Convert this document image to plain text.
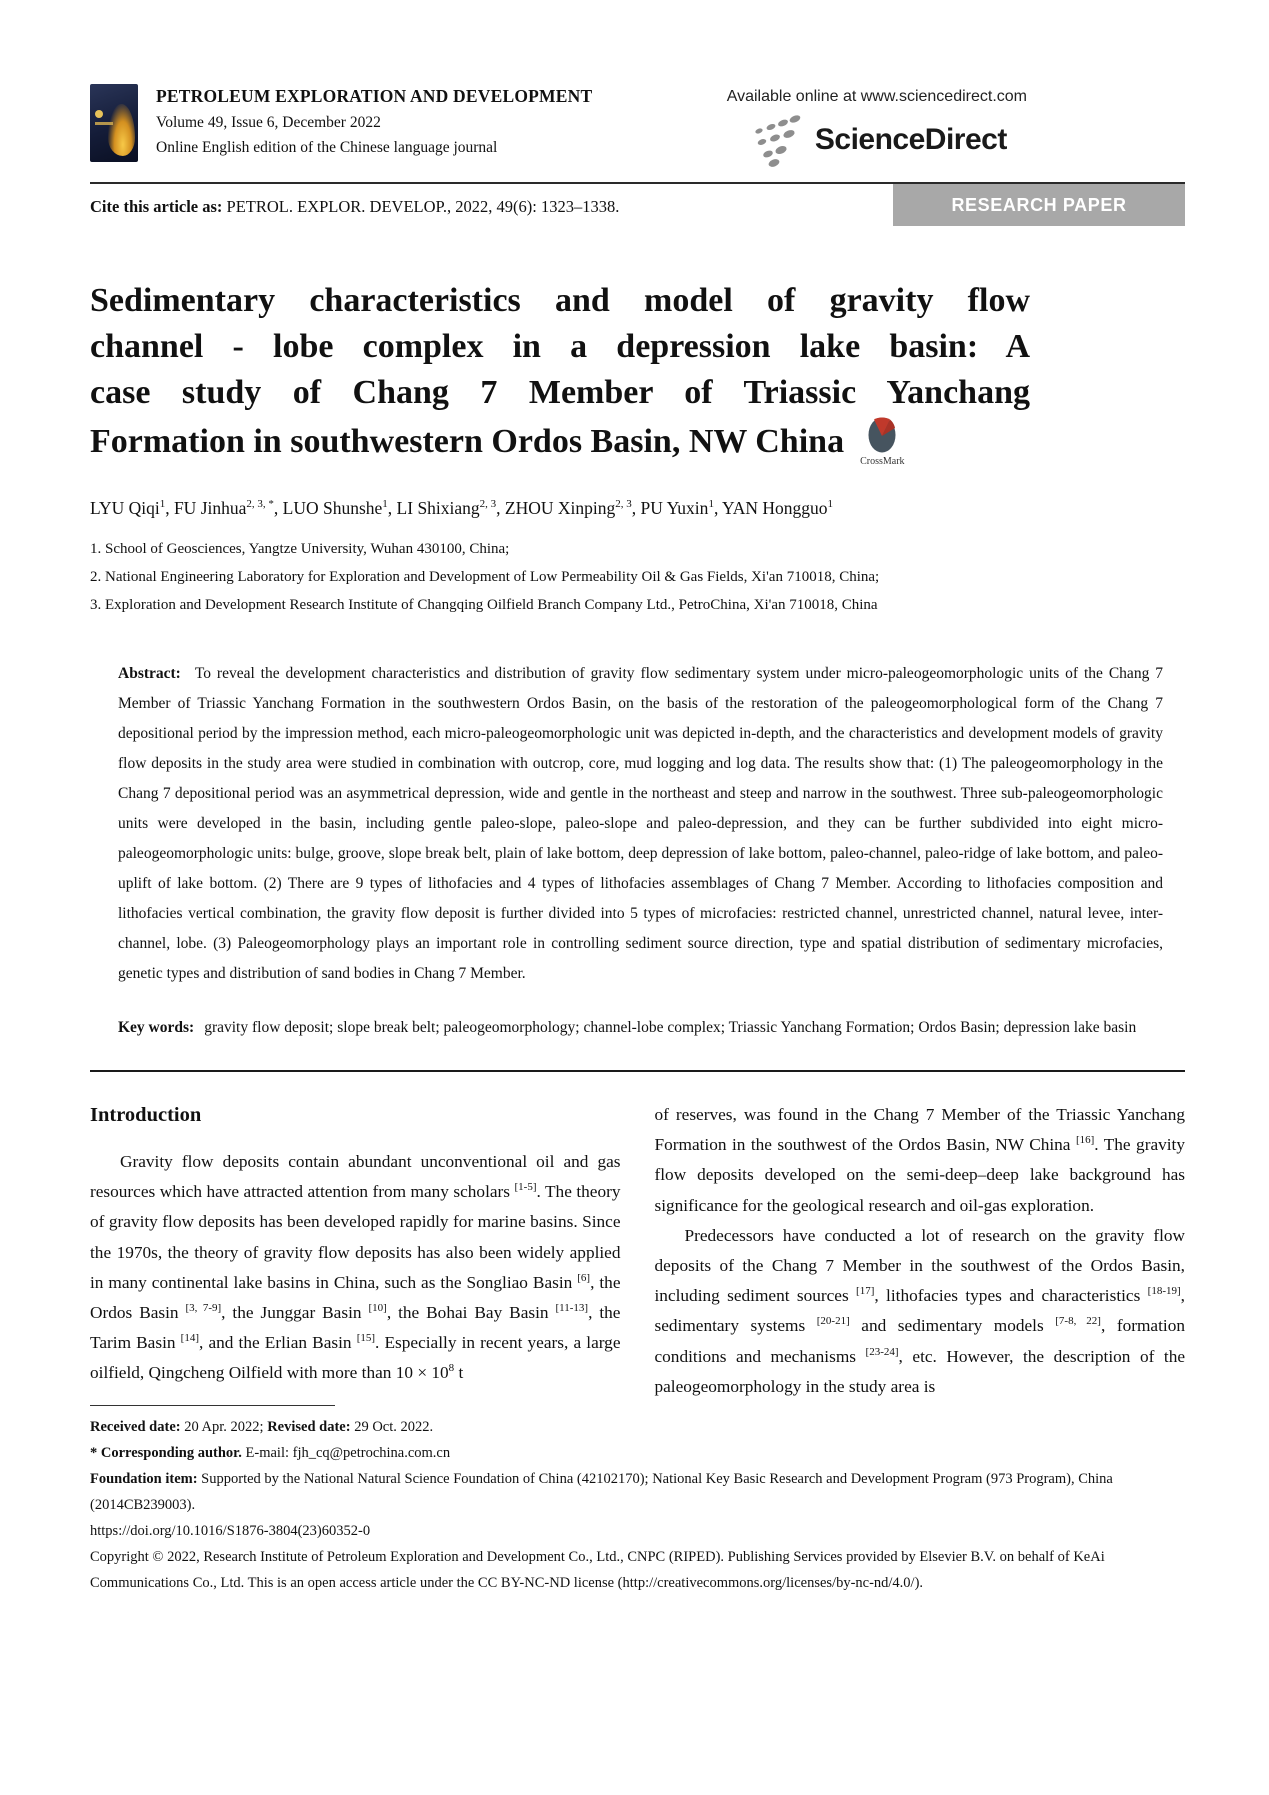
PETROLEUM EXPLORATION AND DEVELOPMENT
Volume 49, Issue 6, December 2022
Online English edition of the Chinese language journal
Available online at www.sciencedirect.com
ScienceDirect
Cite this article as: PETROL. EXPLOR. DEVELOP., 2022, 49(6): 1323–1338.	RESEARCH PAPER
Sedimentary characteristics and model of gravity flow
channel - lobe complex in a depression lake basin: A
case study of Chang 7 Member of Triassic Yanchang
Formation in southwestern Ordos Basin, NW China
CrossMark
LYU Qiqi$^1$, FU Jinhua$^{2, 3, *}$, LUO Shunshe$^1$, LI Shixiang$^{2, 3}$, ZHOU Xinping$^{2, 3}$, PU Yuxin$^1$, YAN Hongguo$^1$
1. School of Geosciences, Yangtze University, Wuhan 430100, China;
2. National Engineering Laboratory for Exploration and Development of Low Permeability Oil & Gas Fields, Xi'an 710018, China;
3. Exploration and Development Research Institute of Changqing Oilfield Branch Company Ltd., PetroChina, Xi'an 710018, China

Abstract: To reveal the development characteristics and distribution of gravity flow sedimentary system under micro-paleogeomorphologic units of the Chang 7 Member of Triassic Yanchang Formation in the southwestern Ordos Basin, on the basis of the restoration of the paleogeomorphological form of the Chang 7 depositional period by the impression method, each micro-paleogeomorphologic unit was depicted in-depth, and the characteristics and development models of gravity flow deposits in the study area were studied in combination with outcrop, core, mud logging and log data. The results show that: (1) The paleogeomorphology in the Chang 7 depositional period was an asymmetrical depression, wide and gentle in the northeast and steep and narrow in the southwest. Three sub-paleogeomorphologic units were developed in the basin, including gentle paleo-slope, paleo-slope and paleo-depression, and they can be further subdivided into eight micro-paleogeomorphologic units: bulge, groove, slope break belt, plain of lake bottom, deep depression of lake bottom, paleo-channel, paleo-ridge of lake bottom, and paleo-uplift of lake bottom. (2) There are 9 types of lithofacies and 4 types of lithofacies assemblages of Chang 7 Member. According to lithofacies composition and lithofacies vertical combination, the gravity flow deposit is further divided into 5 types of microfacies: restricted channel, unrestricted channel, natural levee, inter-channel, lobe. (3) Paleogeomorphology plays an important role in controlling sediment source direction, type and spatial distribution of sedimentary microfacies, genetic types and distribution of sand bodies in Chang 7 Member.

Key words: gravity flow deposit; slope break belt; paleogeomorphology; channel-lobe complex; Triassic Yanchang Formation; Ordos Basin; depression lake basin

Introduction

Gravity flow deposits contain abundant unconventional oil and gas resources which have attracted attention from many scholars [1-5]. The theory of gravity flow deposits has been developed rapidly for marine basins. Since the 1970s, the theory of gravity flow deposits has also been widely applied in many continental lake basins in China, such as the Songliao Basin [6], the Ordos Basin [3, 7-9], the Junggar Basin [10], the Bohai Bay Basin [11-13], the Tarim Basin [14], and the Erlian Basin [15]. Especially in recent years, a large oilfield, Qingcheng Oilfield with more than $10 \times 10^8$ t

of reserves, was found in the Chang 7 Member of the Triassic Yanchang Formation in the southwest of the Ordos Basin, NW China [16]. The gravity flow deposits developed on the semi-deep–deep lake background has significance for the geological research and oil-gas exploration.

Predecessors have conducted a lot of research on the gravity flow deposits of the Chang 7 Member in the southwest of the Ordos Basin, including sediment sources [17], lithofacies types and characteristics [18-19], sedimentary systems [20-21] and sedimentary models [7-8, 22], formation conditions and mechanisms [23-24], etc. However, the description of the paleogeomorphology in the study area is

Received date: 20 Apr. 2022; Revised date: 29 Oct. 2022.
* Corresponding author. E-mail: fjh_cq@petrochina.com.cn
Foundation item: Supported by the National Natural Science Foundation of China (42102170); National Key Basic Research and Development Program (973 Program), China (2014CB239003).
https://doi.org/10.1016/S1876-3804(23)60352-0
Copyright © 2022, Research Institute of Petroleum Exploration and Development Co., Ltd., CNPC (RIPED). Publishing Services provided by Elsevier B.V. on behalf of KeAi Communications Co., Ltd. This is an open access article under the CC BY-NC-ND license (http://creativecommons.org/licenses/by-nc-nd/4.0/).
